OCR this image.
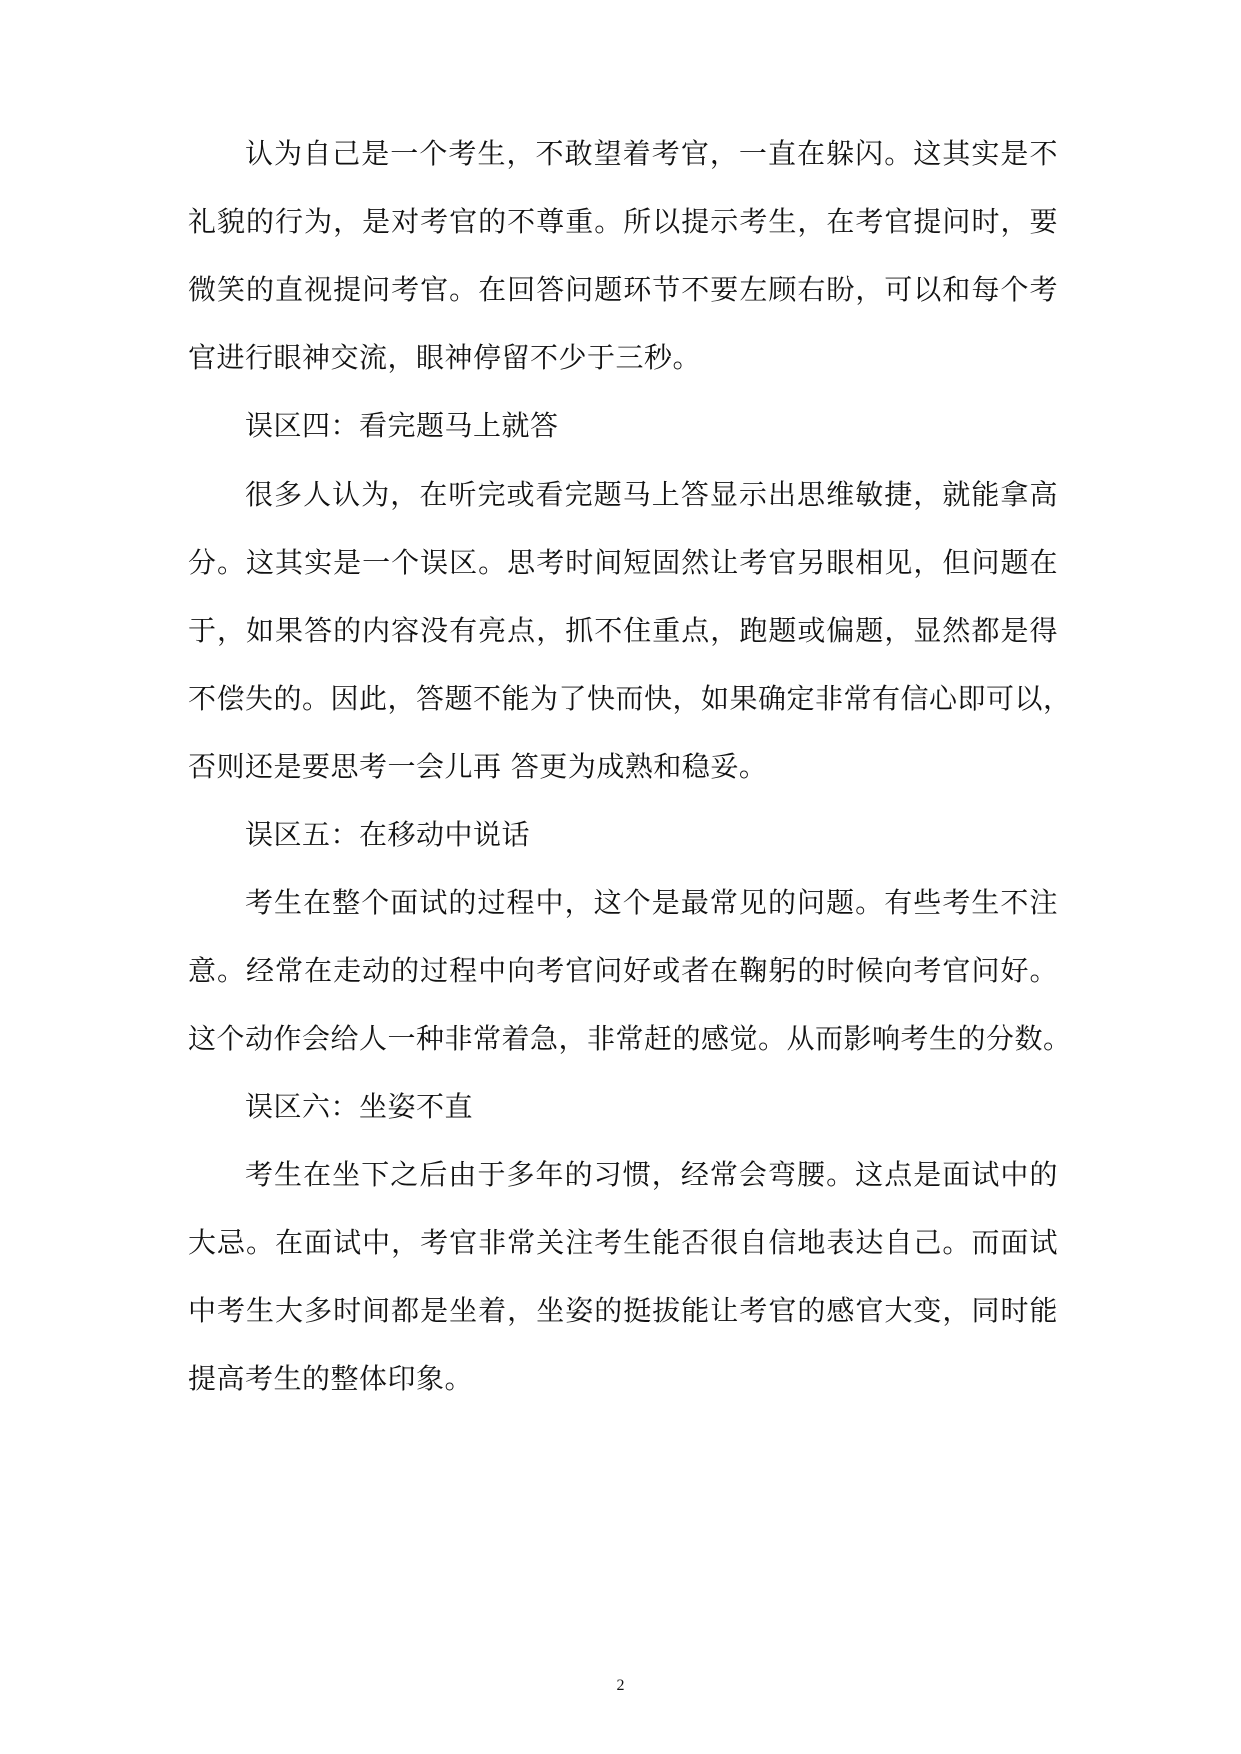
认为自己是一个考生，不敢望着考官，一直在躲闪。这其实是不
礼貌的行为，是对考官的不尊重。所以提示考生，在考官提问时，要
微笑的直视提问考官。在回答问题环节不要左顾右盼，可以和每个考
官进行眼神交流，眼神停留不少于三秒。
误区四：看完题马上就答
很多人认为，在听完或看完题马上答显示出思维敏捷，就能拿高
分。这其实是一个误区。思考时间短固然让考官另眼相见，但问题在
于，如果答的内容没有亮点，抓不住重点，跑题或偏题，显然都是得
不偿失的。因此，答题不能为了快而快，如果确定非常有信心即可以，
否则还是要思考一会儿再 答更为成熟和稳妥。
误区五：在移动中说话
考生在整个面试的过程中，这个是最常见的问题。有些考生不注
意。经常在走动的过程中向考官问好或者在鞠躬的时候向考官问好。
这个动作会给人一种非常着急，非常赶的感觉。从而影响考生的分数。
误区六：坐姿不直
考生在坐下之后由于多年的习惯，经常会弯腰。这点是面试中的
大忌。在面试中，考官非常关注考生能否很自信地表达自己。而面试
中考生大多时间都是坐着，坐姿的挺拔能让考官的感官大变，同时能
提高考生的整体印象。
2
